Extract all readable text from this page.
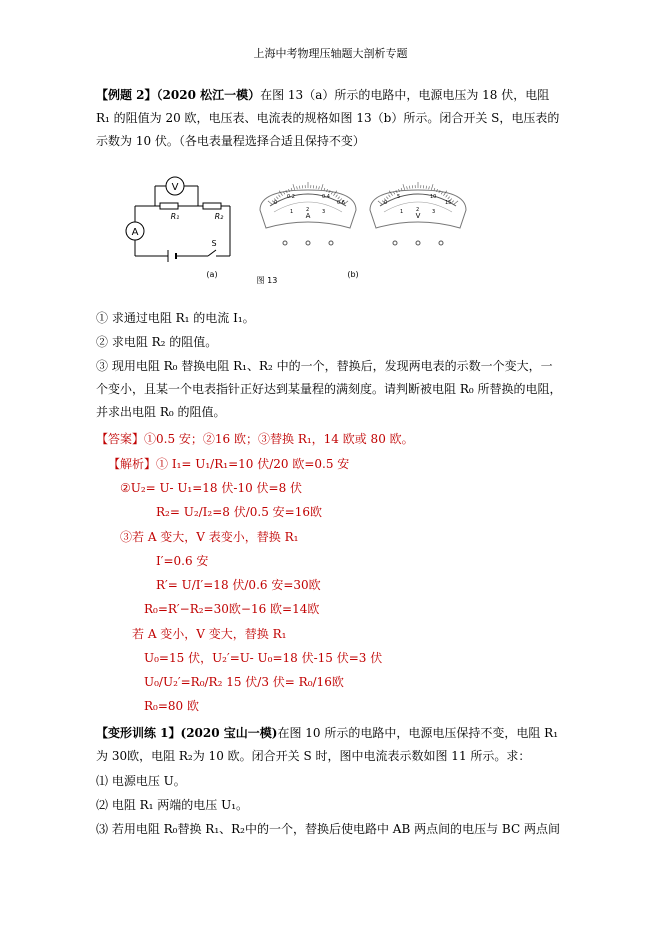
上海中考物理压轴题大剖析专题

【例题 2】（2020 松江一模）在图 13（a）所示的电路中，电源电压为 18 伏，电阻 R₁ 的阻值为 20 欧，电压表、电流表的规格如图 13（b）所示。闭合开关 S，电压表的示数为 10 伏。（各电表量程选择合适且保持不变）

V
A
R₁	R₂
S
(a)
图 13
(b)
A
0
0.2	0.4
0.6
1	2	3	V
0
5	10
15
1	2	3

① 求通过电阻 R₁ 的电流 I₁。

② 求电阻 R₂ 的阻值。

③ 现用电阻 R₀ 替换电阻 R₁、R₂ 中的一个，替换后，发现两电表的示数一个变大，一个变小，且某一个电表指针正好达到某量程的满刻度。请判断被电阻 R₀ 所替换的电阻，并求出电阻 R₀ 的阻值。

【答案】①0.5 安；②16 欧；③替换 R₁，14 欧或 80 欧。

【解析】① I₁= U₁/R₁=10 伏/20 欧=0.5 安

②U₂= U- U₁=18 伏-10 伏=8 伏

R₂= U₂/I₂=8 伏/0.5 安=16欧

③若 A 变大，V 表变小，替换 R₁

I′=0.6 安

R′= U/I′=18 伏/0.6 安=30欧

R₀=R′−R₂=30欧−16 欧=14欧

若 A 变小，V 变大，替换 R₁

U₀=15 伏，U₂′=U- U₀=18 伏-15 伏=3 伏

U₀/U₂′=R₀/R₂ 15 伏/3 伏= R₀/16欧

R₀=80 欧

【变形训练 1】(2020 宝山一模)在图 10 所示的电路中，电源电压保持不变，电阻 R₁ 为 30欧，电阻 R₂为 10 欧。闭合开关 S 时，图中电流表示数如图 11 所示。求：

⑴ 电源电压 U。

⑵ 电阻 R₁ 两端的电压 U₁。

⑶ 若用电阻 R₀替换 R₁、R₂中的一个，替换后使电路中 AB 两点间的电压与 BC 两点间
